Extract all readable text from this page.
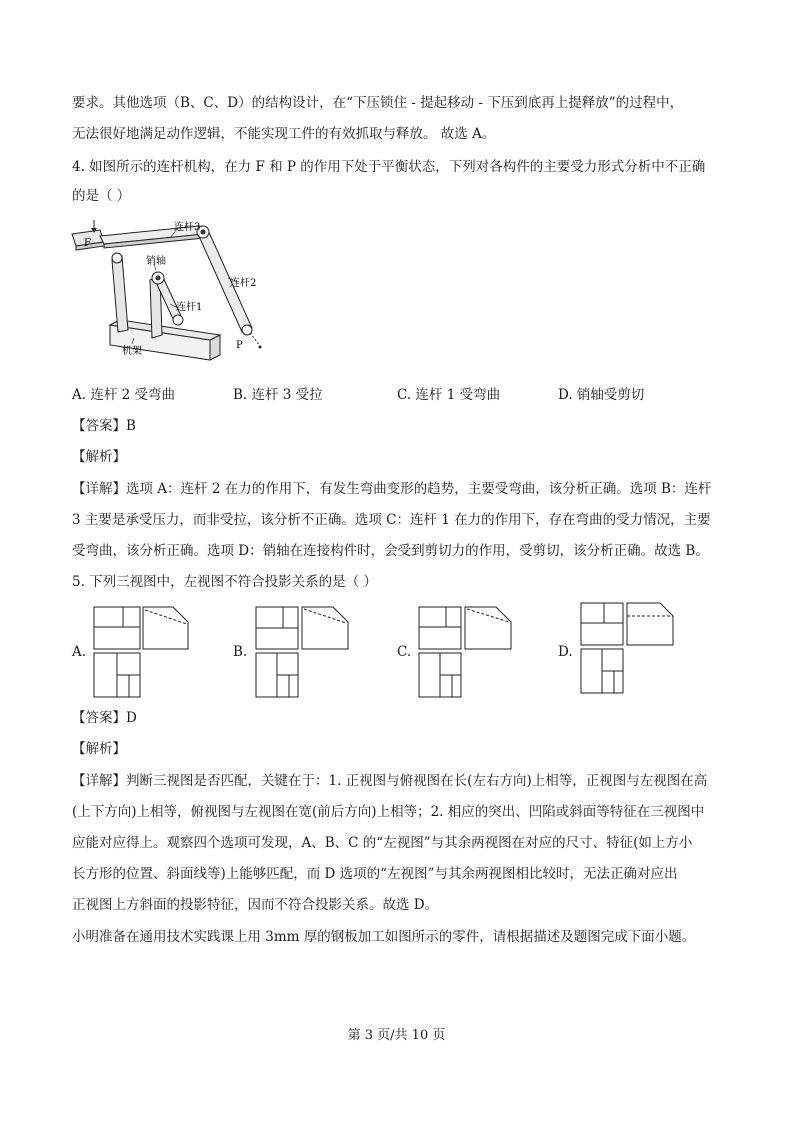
要求。其他选项（B、C、D）的结构设计，在“下压锁住 - 提起移动 - 下压到底再上提释放”的过程中，
无法很好地满足动作逻辑，不能实现工件的有效抓取与释放。 故选 A。
4. 如图所示的连杆机构，在力 F 和 P 的作用下处于平衡状态，下列对各构件的主要受力形式分析中不正确
的是（ ）
F
连杆3
销轴
连杆2
连杆1
P
机架
A. 连杆 2 受弯曲	B. 连杆 3 受拉	C. 连杆 1 受弯曲	D. 销轴受剪切
【答案】B
【解析】
【详解】选项 A：连杆 2 在力的作用下，有发生弯曲变形的趋势，主要受弯曲，该分析正确。选项 B：连杆
3 主要是承受压力，而非受拉，该分析不正确。选项 C：连杆 1 在力的作用下，存在弯曲的受力情况，主要
受弯曲，该分析正确。选项 D：销轴在连接构件时，会受到剪切力的作用，受剪切，该分析正确。故选 B。
5. 下列三视图中，左视图不符合投影关系的是（ ）
A.	B.	C.	D.
【答案】D
【解析】
【详解】判断三视图是否匹配，关键在于：1. 正视图与俯视图在长(左右方向)上相等，正视图与左视图在高
(上下方向)上相等，俯视图与左视图在宽(前后方向)上相等；2. 相应的突出、凹陷或斜面等特征在三视图中
应能对应得上。观察四个选项可发现，A、B、C 的“左视图”与其余两视图在对应的尺寸、特征(如上方小
长方形的位置、斜面线等)上能够匹配，而 D 选项的“左视图”与其余两视图相比较时，无法正确对应出
正视图上方斜面的投影特征，因而不符合投影关系。故选 D。
小明准备在通用技术实践课上用 3mm 厚的钢板加工如图所示的零件，请根据描述及题图完成下面小题。
第 3 页/共 10 页
